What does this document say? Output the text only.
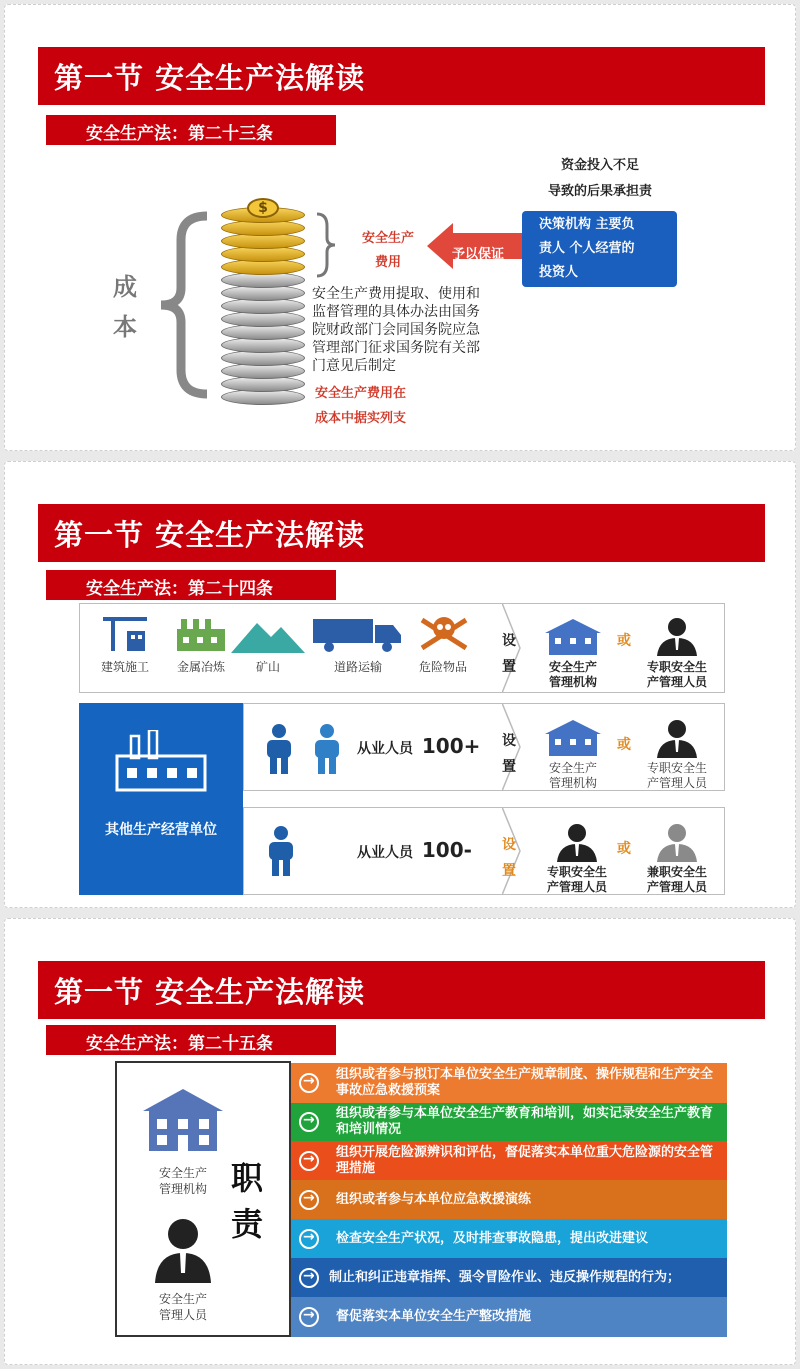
第一节 安全生产法解读
安全生产法：第二十三条
成
本
$
安全生产
费用
予以保证
资金投入不足
导致的后果承担责
决策机构 主要负
责人 个人经营的
投资人
安全生产费用提取、使用和
监督管理的具体办法由国务
院财政部门会同国务院应急
管理部门征求国务院有关部
门意见后制定
安全生产费用在
成本中据实列支
第一节 安全生产法解读
安全生产法：第二十四条
建筑施工	金属冶炼	矿山	道路运输	危险物品
设
置	安全生产
管理机构
或
专职安全生
产管理人员
其他生产经营单位
从业人员 100+ 设
置	安全生产
管理机构
或
专职安全生
产管理人员
从业人员 100- 设
置	专职安全生
产管理人员
或
兼职安全生
产管理人员
第一节 安全生产法解读
安全生产法：第二十五条
安全生产
管理机构
安全生产
管理人员
职
责
→
组织或者参与拟订本单位安全生产规章制度、操作规程和生产安全事故应急救援预案
→
组织或者参与本单位安全生产教育和培训，如实记录安全生产教育和培训情况
→
组织开展危险源辨识和评估，督促落实本单位重大危险源的安全管理措施
→
组织或者参与本单位应急救援演练
→
检查安全生产状况，及时排查事故隐患，提出改进建议
→
制止和纠正违章指挥、强令冒险作业、违反操作规程的行为；
→
督促落实本单位安全生产整改措施
